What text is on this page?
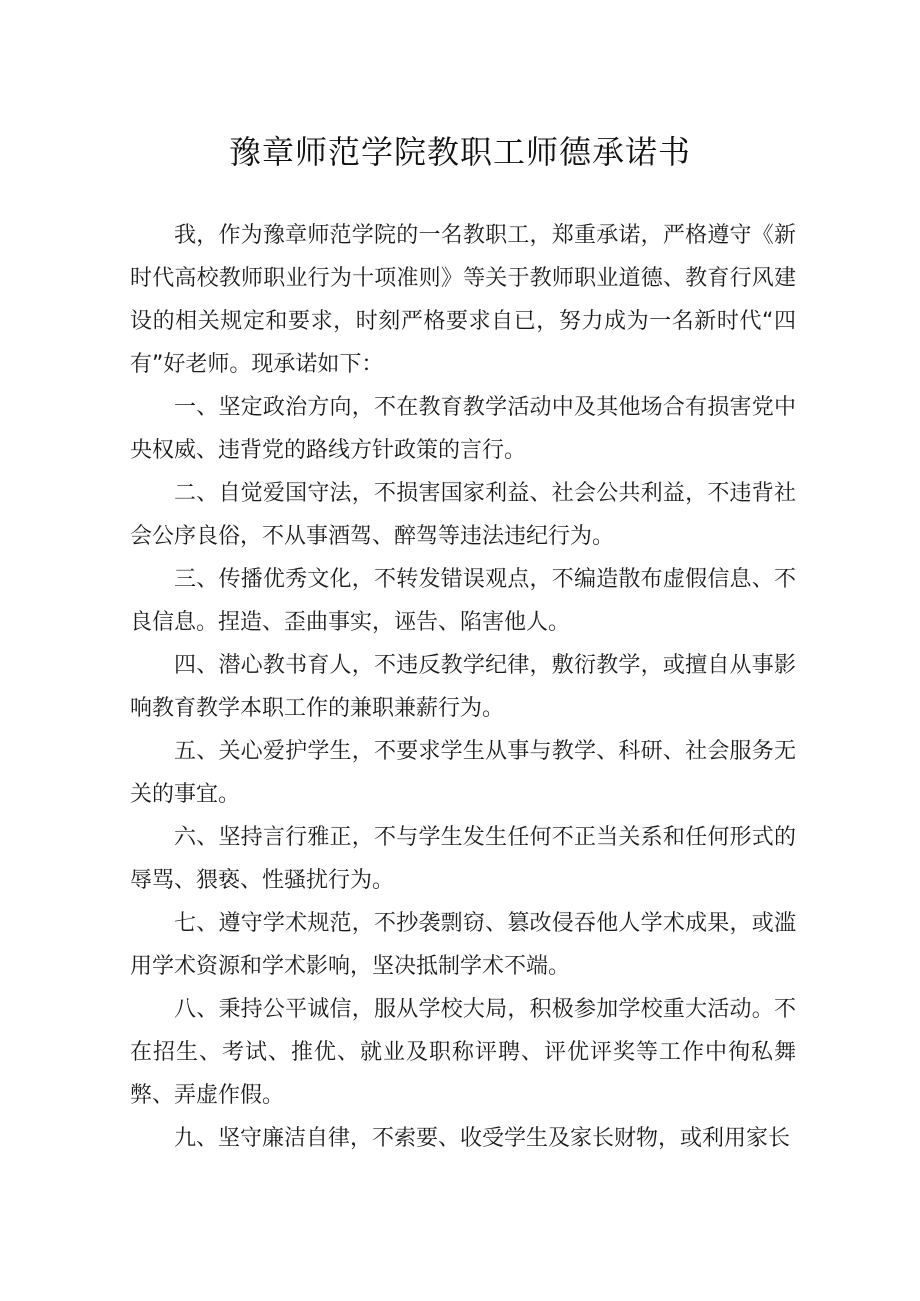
豫章师范学院教职工师德承诺书

我，作为豫章师范学院的一名教职工，郑重承诺，严格遵守《新时代高校教师职业行为十项准则》等关于教师职业道德、教育行风建设的相关规定和要求，时刻严格要求自已，努力成为一名新时代“四有”好老师。现承诺如下：

一、坚定政治方向，不在教育教学活动中及其他场合有损害党中央权威、违背党的路线方针政策的言行。

二、自觉爱国守法，不损害国家利益、社会公共利益，不违背社会公序良俗，不从事酒驾、醉驾等违法违纪行为。

三、传播优秀文化，不转发错误观点，不编造散布虚假信息、不良信息。捏造、歪曲事实，诬告、陷害他人。

四、潜心教书育人，不违反教学纪律，敷衍教学，或擅自从事影响教育教学本职工作的兼职兼薪行为。

五、关心爱护学生，不要求学生从事与教学、科研、社会服务无关的事宜。

六、坚持言行雅正，不与学生发生任何不正当关系和任何形式的辱骂、猥亵、性骚扰行为。

七、遵守学术规范，不抄袭剽窃、篡改侵吞他人学术成果，或滥用学术资源和学术影响，坚决抵制学术不端。

八、秉持公平诚信，服从学校大局，积极参加学校重大活动。不在招生、考试、推优、就业及职称评聘、评优评奖等工作中徇私舞弊、弄虚作假。

九、坚守廉洁自律，不索要、收受学生及家长财物，或利用家长
